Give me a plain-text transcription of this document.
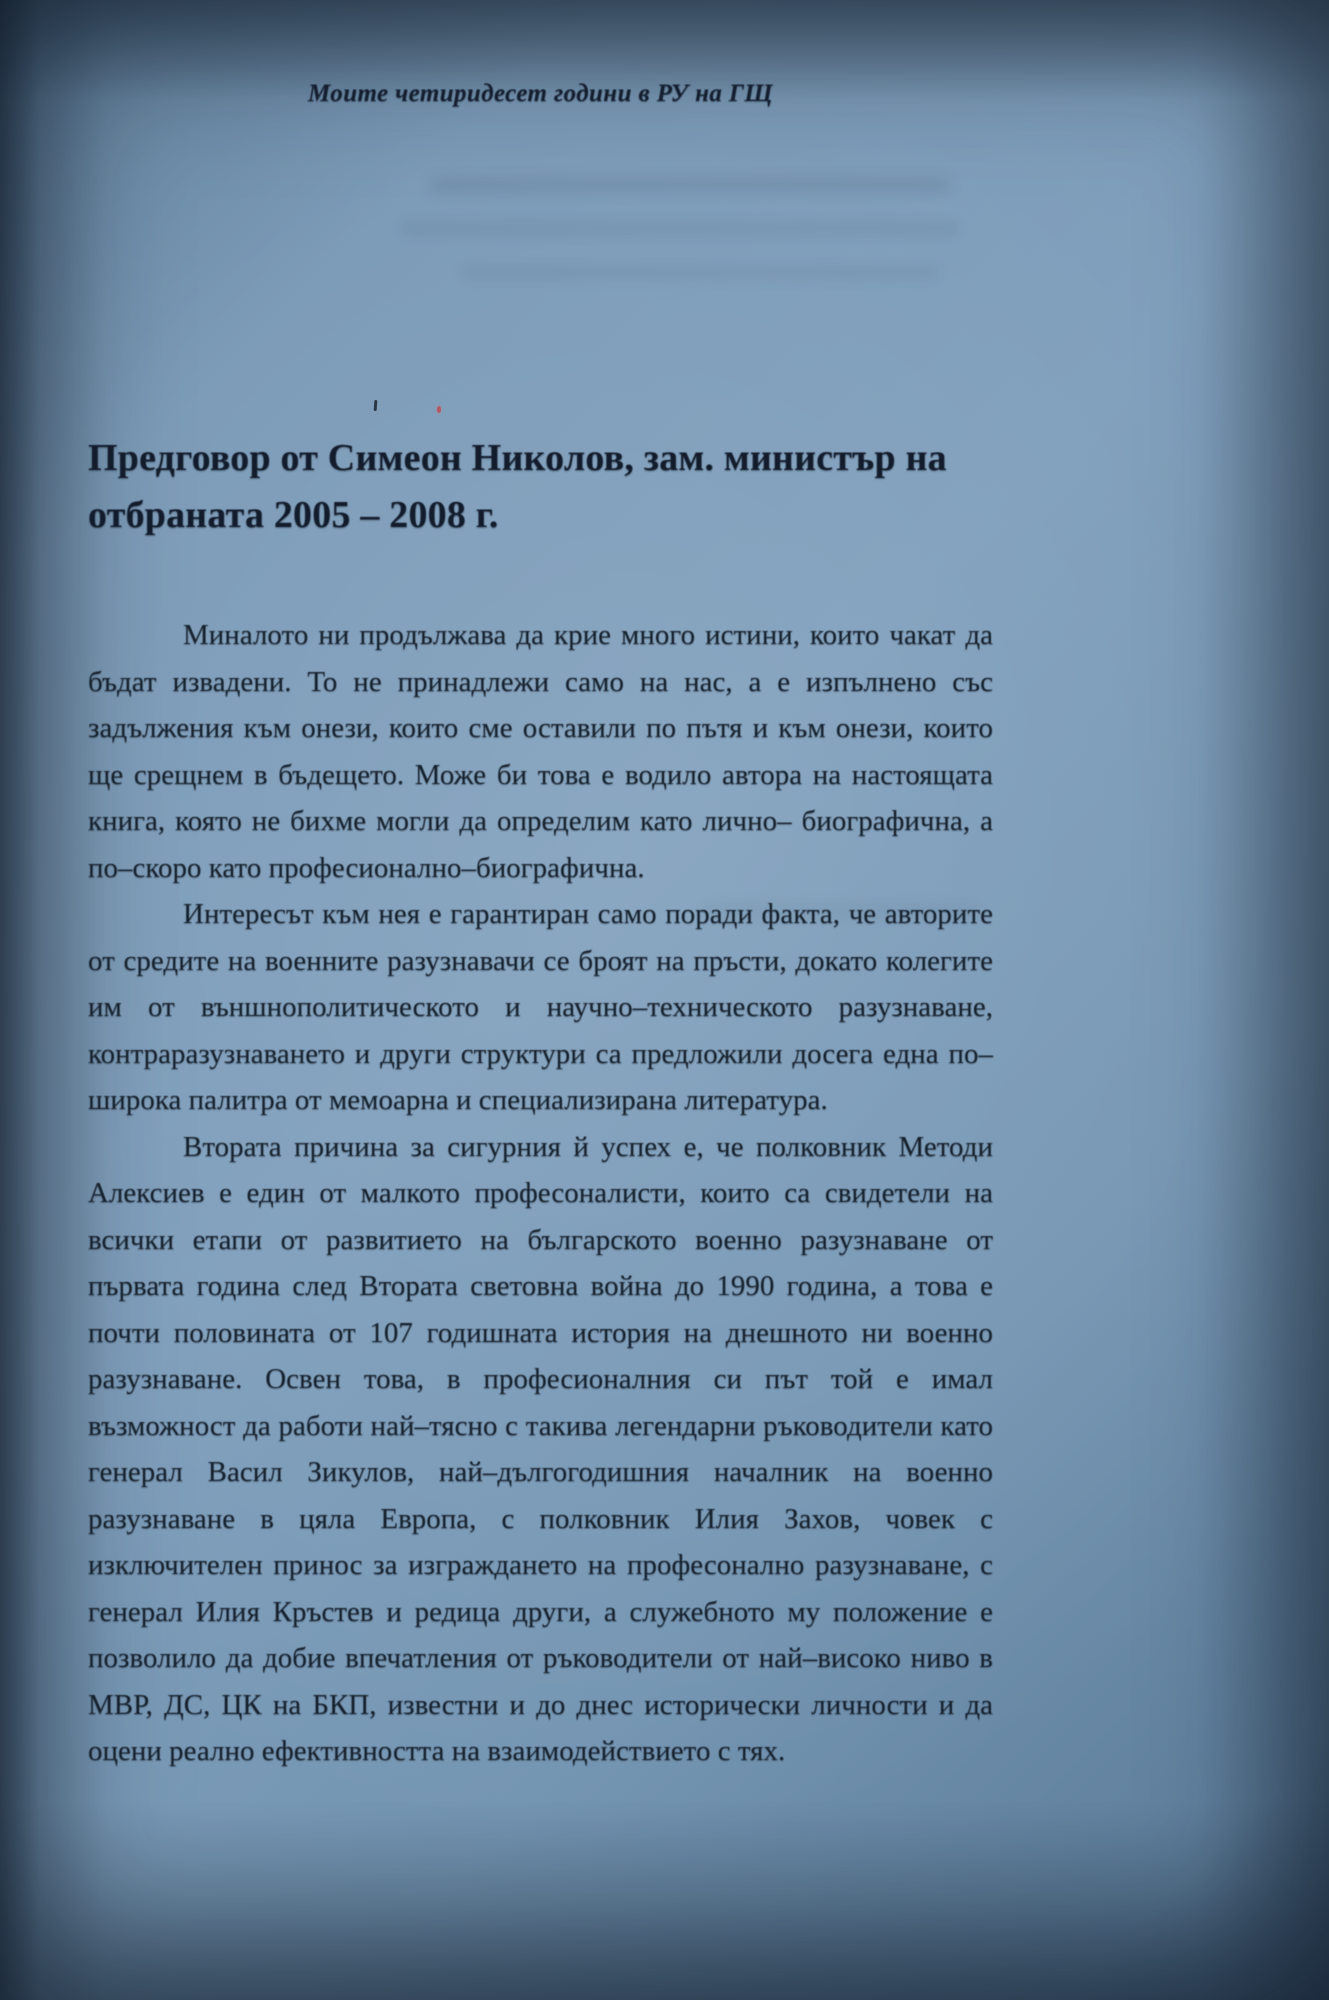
Моите четиридесет години в РУ на ГЩ
Предговор от Симеон Николов, зам. министър на отбраната 2005 – 2008 г.

Миналото ни продължава да крие много истини, които чакат да бъдат извадени. То не принадлежи само на нас, а е изпълнено със задължения към онези, които сме оставили по пътя и към онези, които ще срещнем в бъдещето. Може би това е водило автора на настоящата книга, която не бихме могли да определим като лично– биографична, а по–скоро като професионално–биографична.

Интересът към нея е гарантиран само поради факта, че авторите от средите на военните разузнавачи се броят на пръсти, докато колегите им от външнополитическото и научно–техническото разузнаване, контраразузнаването и други структури са предложили досега една по–широка палитра от мемоарна и специализирана литература.

Втората причина за сигурния й успех е, че полковник Методи Алексиев е един от малкото професоналисти, които са свидетели на всички етапи от развитието на българското военно разузнаване от първата година след Втората световна война до 1990 година, а това е почти половината от 107 годишната история на днешното ни военно разузнаване. Освен това, в професионалния си път той е имал възможност да работи най–тясно с такива легендарни ръководители като генерал Васил Зикулов, най–дългогодишния началник на военно разузнаване в цяла Европа, с полковник Илия Захов, човек с изключителен принос за изграждането на професонално разузнаване, с генерал Илия Кръстев и редица други, а служебното му положение е позволило да добие впечатления от ръководители от най–високо ниво в МВР, ДС, ЦК на БКП, известни и до днес исторически личности и да оцени реално ефективността на взаимодействието с тях.
